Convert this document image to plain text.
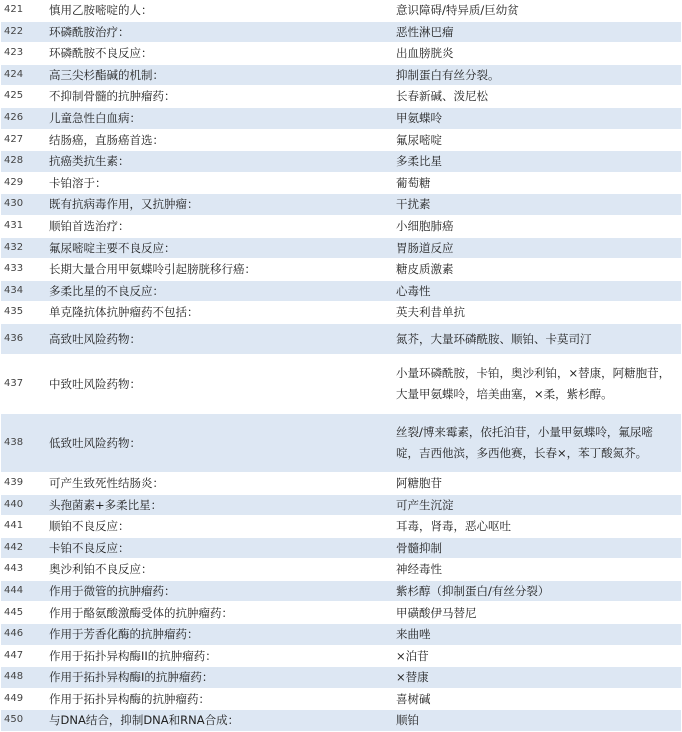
421	慎用乙胺嘧啶的人：	意识障碍/特异质/巨幼贫
422	环磷酰胺治疗：	恶性淋巴瘤
423	环磷酰胺不良反应：	出血膀胱炎
424	高三尖杉酯碱的机制：	抑制蛋白有丝分裂。
425	不抑制骨髓的抗肿瘤药：	长春新碱、泼尼松
426	儿童急性白血病：	甲氨蝶呤
427	结肠癌，直肠癌首选：	氟尿嘧啶
428	抗癌类抗生素：	多柔比星
429	卡铂溶于：	葡萄糖
430	既有抗病毒作用，又抗肿瘤：	干扰素
431	顺铂首选治疗：	小细胞肺癌
432	氟尿嘧啶主要不良反应：	胃肠道反应
433	长期大量合用甲氨蝶呤引起膀胱移行癌：	糖皮质激素
434	多柔比星的不良反应：	心毒性
435	单克隆抗体抗肿瘤药不包括：	英夫利昔单抗
436	高致吐风险药物：	氮芥，大量环磷酰胺、顺铂、卡莫司汀
437	中致吐风险药物：	小量环磷酰胺，卡铂，奥沙利铂，×替康，阿糖胞苷，大量甲氨蝶呤，培美曲塞，×柔，紫杉醇。
438	低致吐风险药物：	丝裂/博来霉素，依托泊苷，小量甲氨蝶呤，氟尿嘧啶，吉西他滨，多西他赛，长春×，苯丁酸氮芥。
439	可产生致死性结肠炎：	阿糖胞苷
440	头孢菌素+多柔比星：	可产生沉淀
441	顺铂不良反应：	耳毒，肾毒，恶心呕吐
442	卡铂不良反应：	骨髓抑制
443	奥沙利铂不良反应：	神经毒性
444	作用于微管的抗肿瘤药：	紫杉醇（抑制蛋白/有丝分裂）
445	作用于酪氨酸激酶受体的抗肿瘤药：	甲磺酸伊马替尼
446	作用于芳香化酶的抗肿瘤药：	来曲唑
447	作用于拓扑异构酶II的抗肿瘤药：	×泊苷
448	作用于拓扑异构酶I的抗肿瘤药：	×替康
449	作用于拓扑异构酶的抗肿瘤药：	喜树碱
450	与DNA结合，抑制DNA和RNA合成：	顺铂
